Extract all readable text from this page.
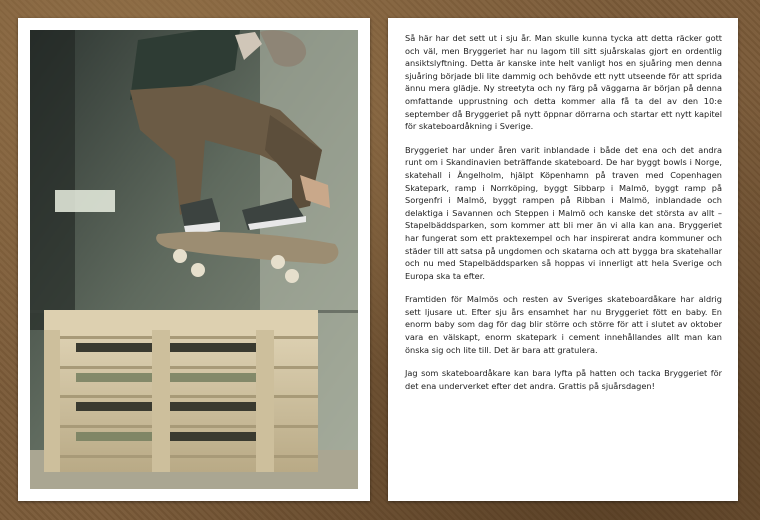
Så här har det sett ut i sju år. Man skulle kunna tycka att detta räcker gott och väl, men Bryggeriet har nu lagom till sitt sjuårskalas gjort en ordentlig ansiktslyftning. Detta är kanske inte helt vanligt hos en sjuåring men denna sjuåring började bli lite dammig och behövde ett nytt utseende för att sprida ännu mera glädje. Ny streetyta och ny färg på väggarna är början på denna omfattande upprustning och detta kommer alla få ta del av den 10:e september då Bryggeriet på nytt öppnar dörrarna och startar ett nytt kapitel för skateboardåkning i Sverige.

Bryggeriet har under åren varit inblandade i både det ena och det andra runt om i Skandinavien beträffande skateboard. De har byggt bowls i Norge, skatehall i Ängelholm, hjälpt Köpenhamn på traven med Copenhagen Skatepark, ramp i Norrköping, byggt Sibbarp i Malmö, byggt ramp på Sorgenfri i Malmö, byggt rampen på Ribban i Malmö, inblandade och delaktiga i Savannen och Steppen i Malmö och kanske det största av allt – Stapelbäddsparken, som kommer att bli mer än vi alla kan ana. Bryggeriet har fungerat som ett praktexempel och har inspirerat andra kommuner och städer till att satsa på ungdomen och skatarna och att bygga bra skatehallar och nu med Stapelbäddsparken så hoppas vi innerligt att hela Sverige och Europa ska ta efter.

Framtiden för Malmös och resten av Sveriges skateboardåkare har aldrig sett ljusare ut. Efter sju års ensamhet har nu Bryggeriet fött en baby. En enorm baby som dag för dag blir större och större för att i slutet av oktober vara en välskapt, enorm skatepark i cement innehållandes allt man kan önska sig och lite till. Det är bara att gratulera.

Jag som skateboardåkare kan bara lyfta på hatten och tacka Bryggeriet för det ena underverket efter det andra. Grattis på sjuårsdagen!
